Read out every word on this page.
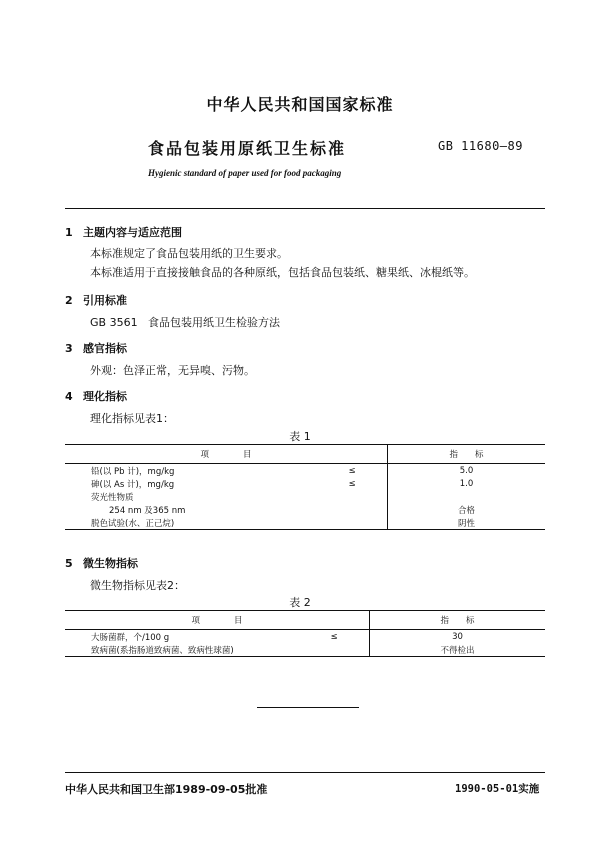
中华人民共和国国家标准
食品包装用原纸卫生标准	GB 11680—89
Hygienic standard of paper used for food packaging
1 主题内容与适应范围
本标准规定了食品包装用纸的卫生要求。
本标准适用于直接接触食品的各种原纸，包括食品包装纸、糖果纸、冰棍纸等。
2 引用标准
GB 3561   食品包装用纸卫生检验方法
3 感官指标
外观：色泽正常，无异嗅、污物。
4 理化指标
理化指标见表1：
表 1
项　　　　目		指　　标
铅(以 Pb 计)，mg/kg	≤	5.0
砷(以 As 计)，mg/kg	≤	1.0
荧光性物质		
254 nm 及365 nm		合格
脱色试验(水、正己烷)		阴性
5 微生物指标
微生物指标见表2：
表 2
项　　　　目		指　　标
大肠菌群，个/100 g	≤	30
致病菌(系指肠道致病菌、致病性球菌)		不得检出
中华人民共和国卫生部1989-09-05批准	1990-05-01实施
